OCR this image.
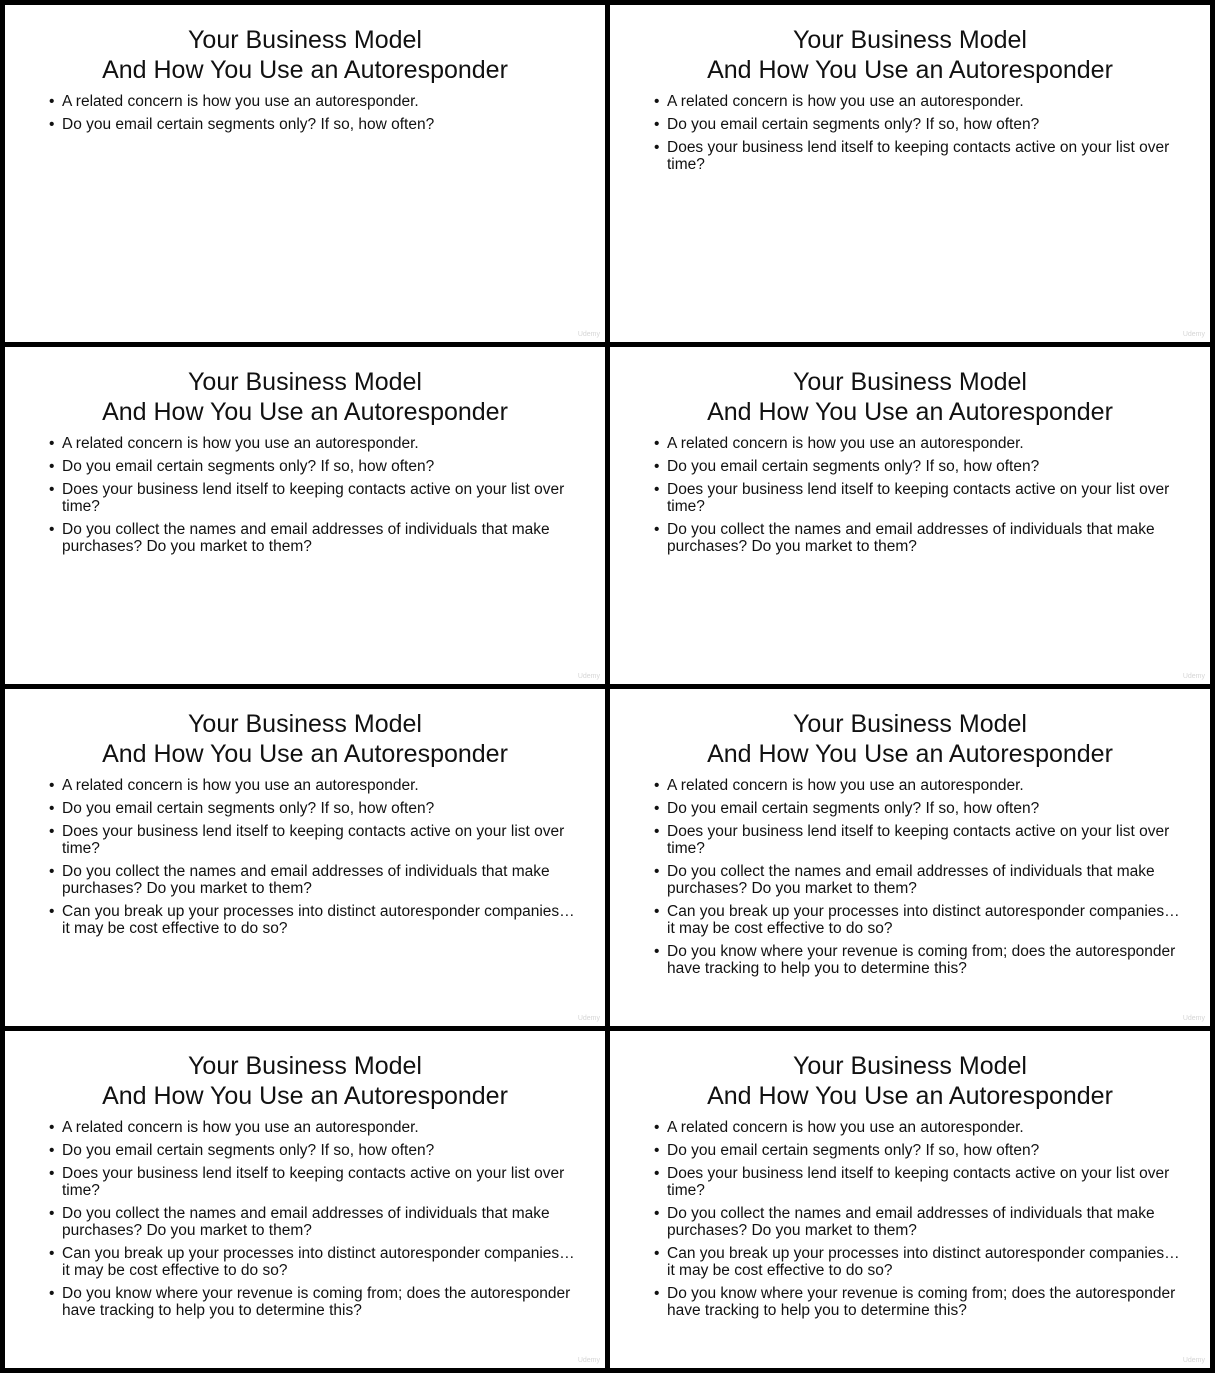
Your Business Model
And How You Use an Autoresponder
• A related concern is how you use an autoresponder.
• Do you email certain segments only? If so, how often?
Udemy
Your Business Model
And How You Use an Autoresponder
• A related concern is how you use an autoresponder.
• Do you email certain segments only? If so, how often?
• Does your business lend itself to keeping contacts active on your list over time?
Udemy
Your Business Model
And How You Use an Autoresponder
• A related concern is how you use an autoresponder.
• Do you email certain segments only? If so, how often?
• Does your business lend itself to keeping contacts active on your list over time?
• Do you collect the names and email addresses of individuals that make purchases? Do you market to them?
Udemy
Your Business Model
And How You Use an Autoresponder
• A related concern is how you use an autoresponder.
• Do you email certain segments only? If so, how often?
• Does your business lend itself to keeping contacts active on your list over time?
• Do you collect the names and email addresses of individuals that make purchases? Do you market to them?
Udemy
Your Business Model
And How You Use an Autoresponder
• A related concern is how you use an autoresponder.
• Do you email certain segments only? If so, how often?
• Does your business lend itself to keeping contacts active on your list over time?
• Do you collect the names and email addresses of individuals that make purchases? Do you market to them?
• Can you break up your processes into distinct autoresponder companies…it may be cost effective to do so?
Udemy
Your Business Model
And How You Use an Autoresponder
• A related concern is how you use an autoresponder.
• Do you email certain segments only? If so, how often?
• Does your business lend itself to keeping contacts active on your list over time?
• Do you collect the names and email addresses of individuals that make purchases? Do you market to them?
• Can you break up your processes into distinct autoresponder companies…it may be cost effective to do so?
• Do you know where your revenue is coming from; does the autoresponder have tracking to help you to determine this?
Udemy
Your Business Model
And How You Use an Autoresponder
• A related concern is how you use an autoresponder.
• Do you email certain segments only? If so, how often?
• Does your business lend itself to keeping contacts active on your list over time?
• Do you collect the names and email addresses of individuals that make purchases? Do you market to them?
• Can you break up your processes into distinct autoresponder companies…it may be cost effective to do so?
• Do you know where your revenue is coming from; does the autoresponder have tracking to help you to determine this?
Udemy
Your Business Model
And How You Use an Autoresponder
• A related concern is how you use an autoresponder.
• Do you email certain segments only? If so, how often?
• Does your business lend itself to keeping contacts active on your list over time?
• Do you collect the names and email addresses of individuals that make purchases? Do you market to them?
• Can you break up your processes into distinct autoresponder companies…it may be cost effective to do so?
• Do you know where your revenue is coming from; does the autoresponder have tracking to help you to determine this?
Udemy
